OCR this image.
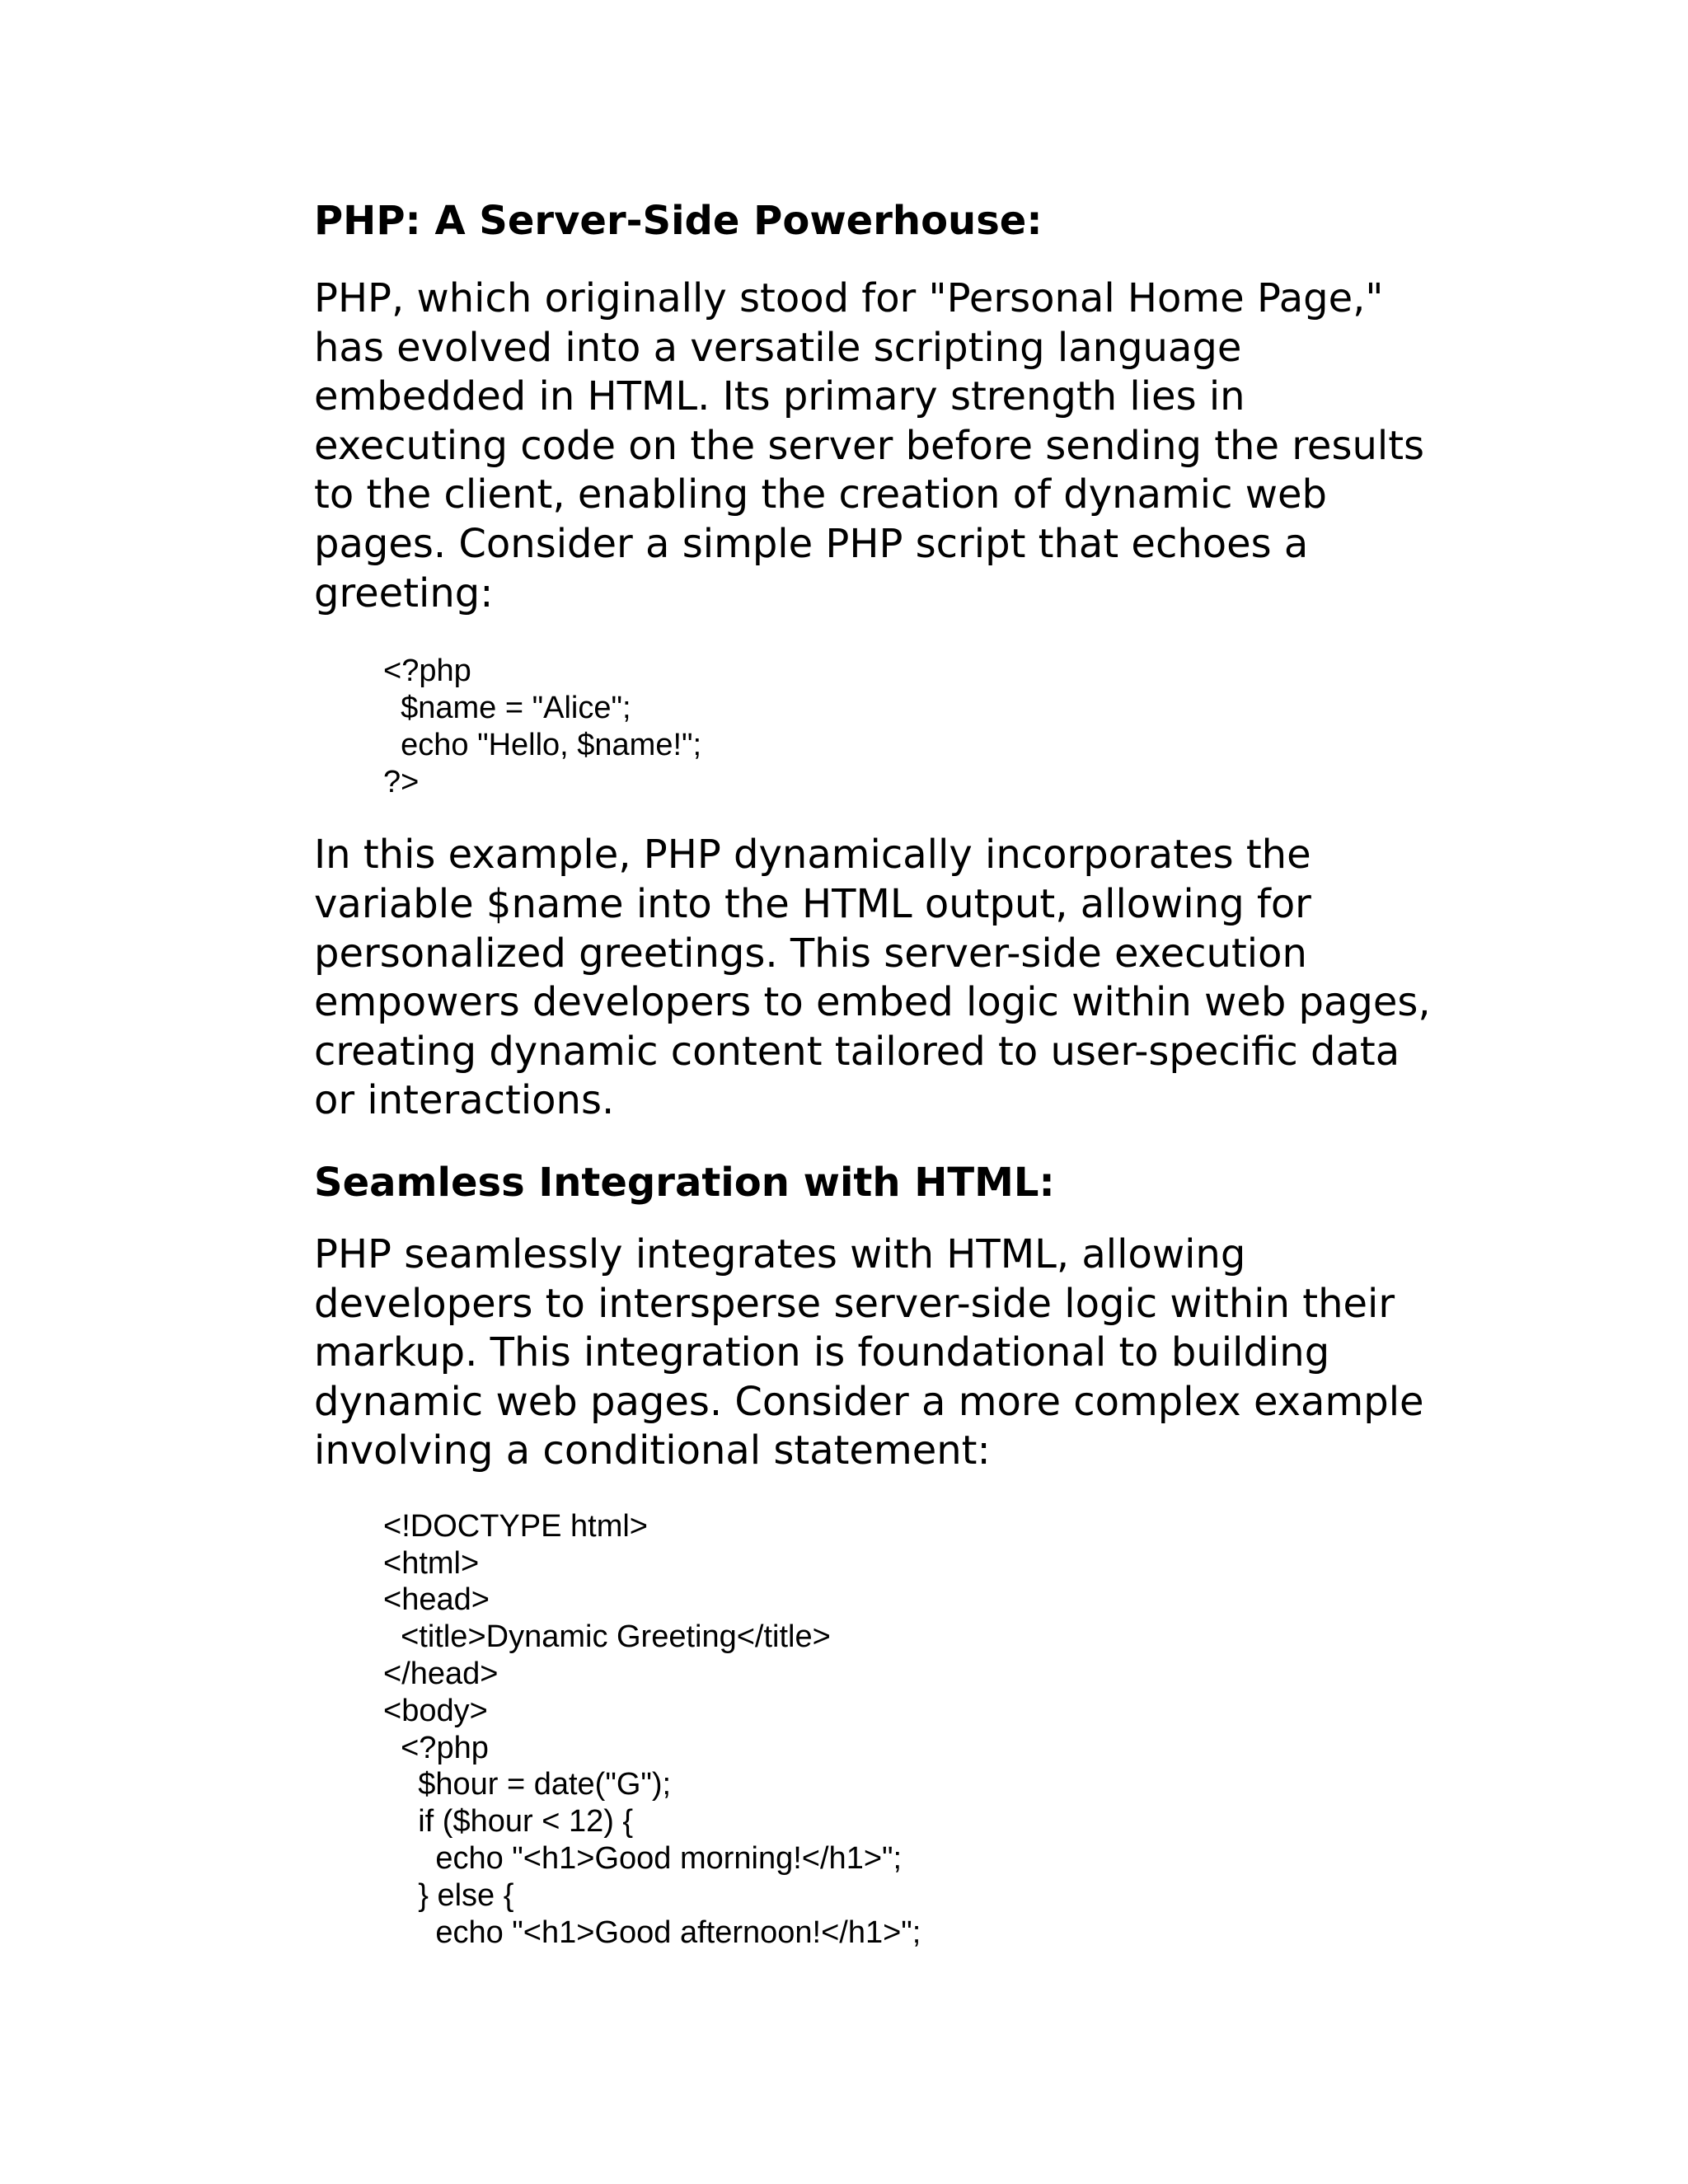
PHP: A Server-Side Powerhouse:

PHP, which originally stood for "Personal Home Page," has evolved into a versatile scripting language embedded in HTML. Its primary strength lies in executing code on the server before sending the results to the client, enabling the creation of dynamic web pages. Consider a simple PHP script that echoes a greeting:

<?php
$name = "Alice";
echo "Hello, $name!";
?>

In this example, PHP dynamically incorporates the variable $name into the HTML output, allowing for personalized greetings. This server-side execution empowers developers to embed logic within web pages, creating dynamic content tailored to user-specific data or interactions.

Seamless Integration with HTML:

PHP seamlessly integrates with HTML, allowing developers to intersperse server-side logic within their markup. This integration is foundational to building dynamic web pages. Consider a more complex example involving a conditional statement:

<!DOCTYPE html>
<html>
<head>
<title>Dynamic Greeting</title>
</head>
<body>
<?php
$hour = date("G");
if ($hour < 12) {
echo "<h1>Good morning!</h1>";
} else {
echo "<h1>Good afternoon!</h1>";
